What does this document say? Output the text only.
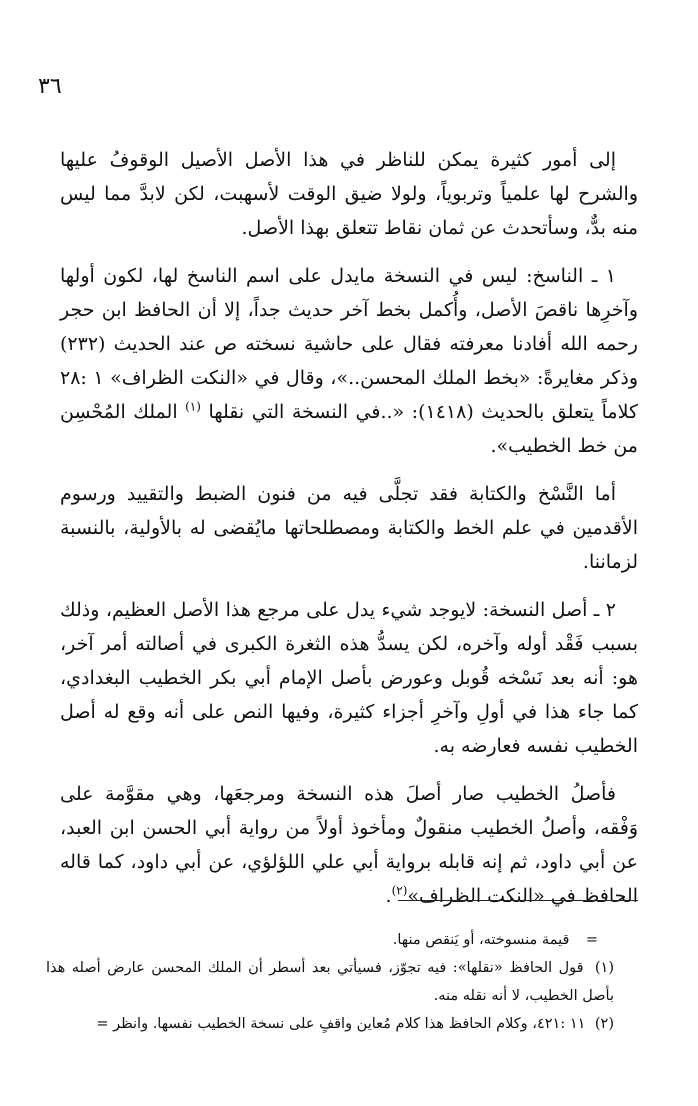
٣٦

إلى أمور كثيرة يمكن للناظر في هذا الأصل الأصيل الوقوفُ عليها والشرح لها علمياً وتربوياً، ولولا ضيق الوقت لأسهبت، لكن لابدَّ مما ليس منه بدٌّ، وسأتحدث عن ثمان نقاط تتعلق بهذا الأصل.

١ ـ الناسخ: ليس في النسخة مايدل على اسم الناسخ لها، لكون أولها وآخرِها ناقصَ الأصل، وأُكمل بخط آخر حديث جداً، إلا أن الحافظ ابن حجر رحمه الله أفادنا معرفته فقال على حاشية نسخته ص عند الحديث (٢٣٢) وذكر مغايرةً: «بخط الملك المحسن..»، وقال في «النكت الظراف» ١ :٢٨ كلاماً يتعلق بالحديث (١٤١٨): «..في النسخة التي نقلها $^{(١)}$ الملك المُحْسِن من خط الخطيب».

أما النَّسْخ والكتابة فقد تجلَّى فيه من فنون الضبط والتقييد ورسوم الأقدمين في علم الخط والكتابة ومصطلحاتها مايُقضى له بالأولية، بالنسبة لزماننا.

٢ ـ أصل النسخة: لايوجد شيء يدل على مرجع هذا الأصل العظيم، وذلك بسبب فَقْد أوله وآخره، لكن يسدُّ هذه الثغرة الكبرى في أصالته أمر آخر، هو: أنه بعد نَسْخه قُوبل وعورض بأصل الإمام أبي بكر الخطيب البغدادي، كما جاء هذا في أولِ وآخرِ أجزاء كثيرة، وفيها النص على أنه وقع له أصل الخطيب نفسه فعارضه به.

فأصلُ الخطيب صار أصلَ هذه النسخة ومرجعَها، وهي مقوَّمة على وَفْقه، وأصلُ الخطيب منقولٌ ومأخوذ أولاً من رواية أبي الحسن ابن العبد، عن أبي داود، ثم إنه قابله برواية أبي علي اللؤلؤي، عن أبي داود، كما قاله الحافظ في «النكت الظراف»$^{(٢)}$.

= قيمة منسوخته، أو يَنقص منها.

(١) قول الحافظ «نقلها»: فيه تجوّز، فسيأتي بعد أسطر أن الملك المحسن عارض أصله هذا بأصل الخطيب، لا أنه نقله منه.

(٢) ١١ :٤٢١، وكلام الحافظ هذا كلام مُعاين واقفٍ على نسخة الخطيب نفسها. وانظر =
